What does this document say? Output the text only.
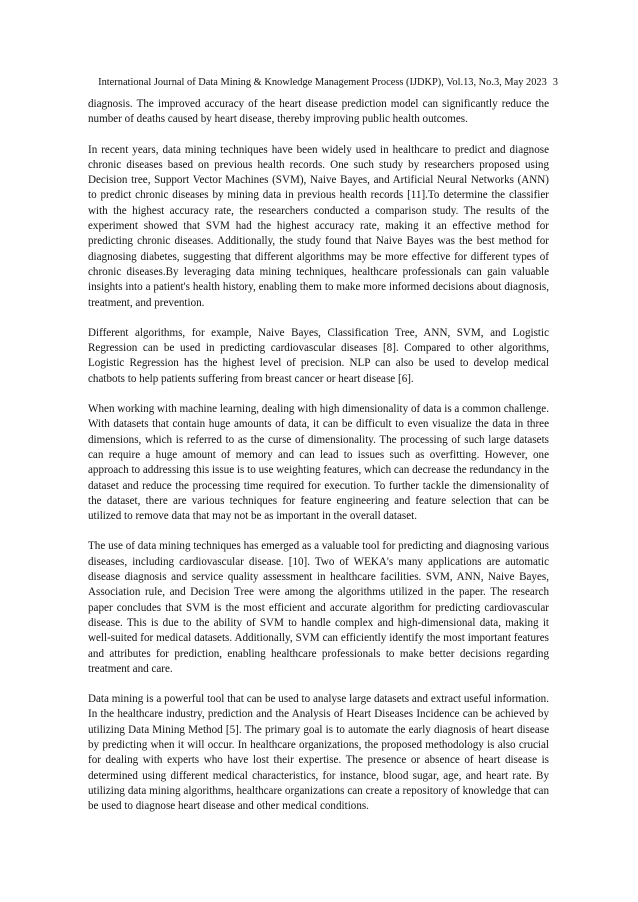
International Journal of Data Mining & Knowledge Management Process (IJDKP), Vol.13, No.3, May 2023 3

diagnosis. The improved accuracy of the heart disease prediction model can significantly reduce the number of deaths caused by heart disease, thereby improving public health outcomes.

In recent years, data mining techniques have been widely used in healthcare to predict and diagnose chronic diseases based on previous health records. One such study by researchers proposed using Decision tree, Support Vector Machines (SVM), Naive Bayes, and Artificial Neural Networks (ANN) to predict chronic diseases by mining data in previous health records [11].To determine the classifier with the highest accuracy rate, the researchers conducted a comparison study. The results of the experiment showed that SVM had the highest accuracy rate, making it an effective method for predicting chronic diseases. Additionally, the study found that Naive Bayes was the best method for diagnosing diabetes, suggesting that different algorithms may be more effective for different types of chronic diseases.By leveraging data mining techniques, healthcare professionals can gain valuable insights into a patient's health history, enabling them to make more informed decisions about diagnosis, treatment, and prevention.

Different algorithms, for example, Naive Bayes, Classification Tree, ANN, SVM, and Logistic Regression can be used in predicting cardiovascular diseases [8]. Compared to other algorithms, Logistic Regression has the highest level of precision. NLP can also be used to develop medical chatbots to help patients suffering from breast cancer or heart disease [6].

When working with machine learning, dealing with high dimensionality of data is a common challenge. With datasets that contain huge amounts of data, it can be difficult to even visualize the data in three dimensions, which is referred to as the curse of dimensionality. The processing of such large datasets can require a huge amount of memory and can lead to issues such as overfitting. However, one approach to addressing this issue is to use weighting features, which can decrease the redundancy in the dataset and reduce the processing time required for execution. To further tackle the dimensionality of the dataset, there are various techniques for feature engineering and feature selection that can be utilized to remove data that may not be as important in the overall dataset.

The use of data mining techniques has emerged as a valuable tool for predicting and diagnosing various diseases, including cardiovascular disease. [10]. Two of WEKA's many applications are automatic disease diagnosis and service quality assessment in healthcare facilities. SVM, ANN, Naive Bayes, Association rule, and Decision Tree were among the algorithms utilized in the paper. The research paper concludes that SVM is the most efficient and accurate algorithm for predicting cardiovascular disease. This is due to the ability of SVM to handle complex and high-dimensional data, making it well-suited for medical datasets. Additionally, SVM can efficiently identify the most important features and attributes for prediction, enabling healthcare professionals to make better decisions regarding treatment and care.

Data mining is a powerful tool that can be used to analyse large datasets and extract useful information. In the healthcare industry, prediction and the Analysis of Heart Diseases Incidence can be achieved by utilizing Data Mining Method [5]. The primary goal is to automate the early diagnosis of heart disease by predicting when it will occur. In healthcare organizations, the proposed methodology is also crucial for dealing with experts who have lost their expertise. The presence or absence of heart disease is determined using different medical characteristics, for instance, blood sugar, age, and heart rate. By utilizing data mining algorithms, healthcare organizations can create a repository of knowledge that can be used to diagnose heart disease and other medical conditions.
